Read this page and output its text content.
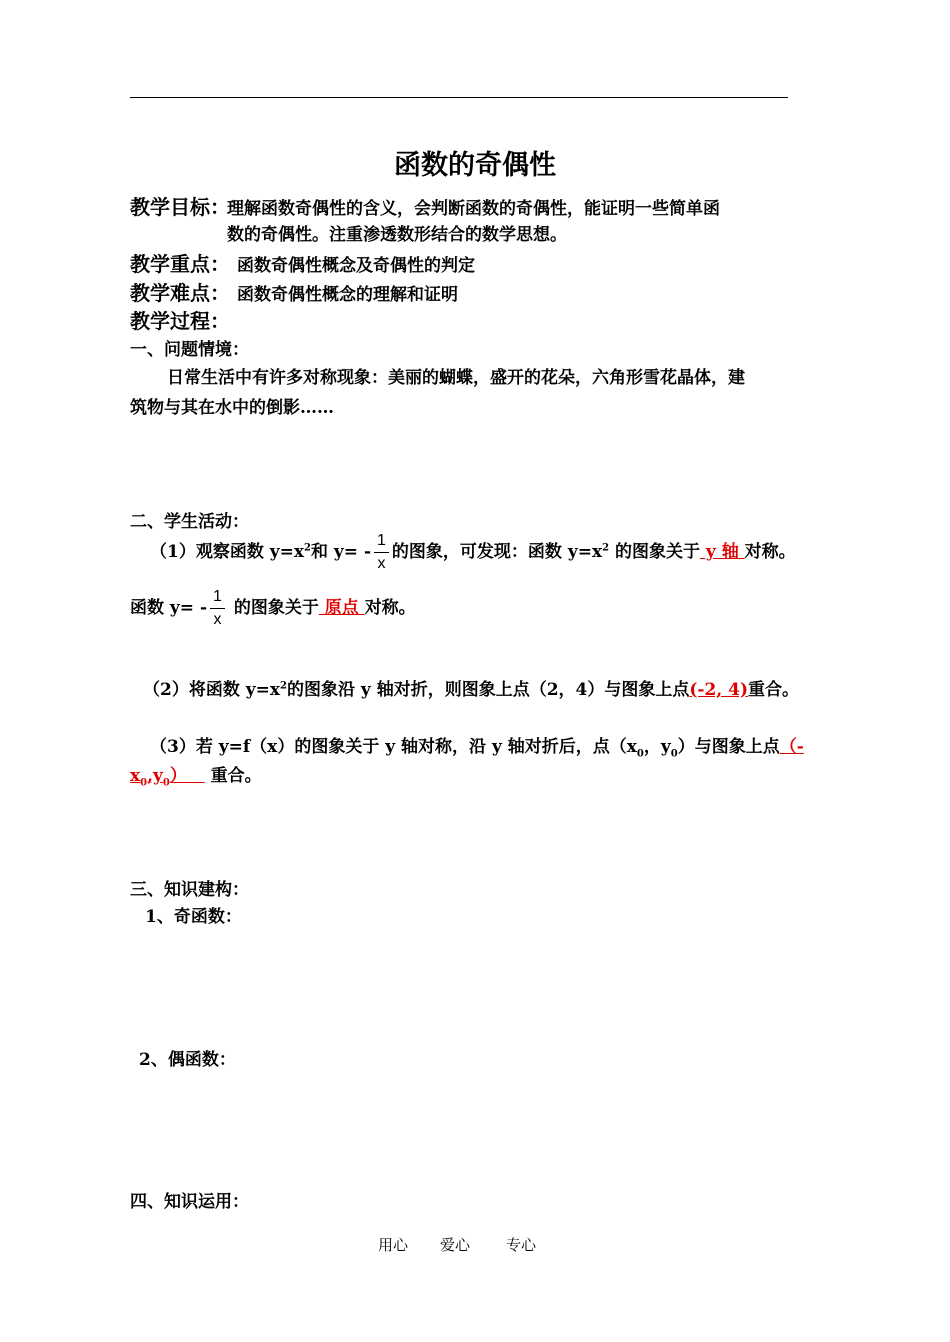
函数的奇偶性
教学目标：
理解函数奇偶性的含义，会判断函数的奇偶性，能证明一些简单函
数的奇偶性。注重渗透数形结合的数学思想。
教学重点： 函数奇偶性概念及奇偶性的判定
教学难点： 函数奇偶性概念的理解和证明
教学过程：
一、问题情境：
日常生活中有许多对称现象：美丽的蝴蝶，盛开的花朵，六角形雪花晶体，建
筑物与其在水中的倒影……
二、学生活动：
（1）观察函数 $y=x^2$和 $y= - \frac{1}{x}$ 的图象，可发现：函数 $y=x^2$ 的图象关于 y 轴 对称。
函数 $y= - \frac{1}{x}$ 的图象关于 原点 对称。
（2）将函数 $y=x^2$的图象沿 y 轴对折，则图象上点（2，4）与图象上点(-2, 4)重合。
（3）若 y=f（x）的图象关于 y 轴对称，沿 y 轴对折后，点（$x_0$，$y_0$）与图象上点（-
$x_0,y_0$）   重合。
三、知识建构：
1、奇函数：
2、偶函数：
四、知识运用：
用心 爱心 专心
